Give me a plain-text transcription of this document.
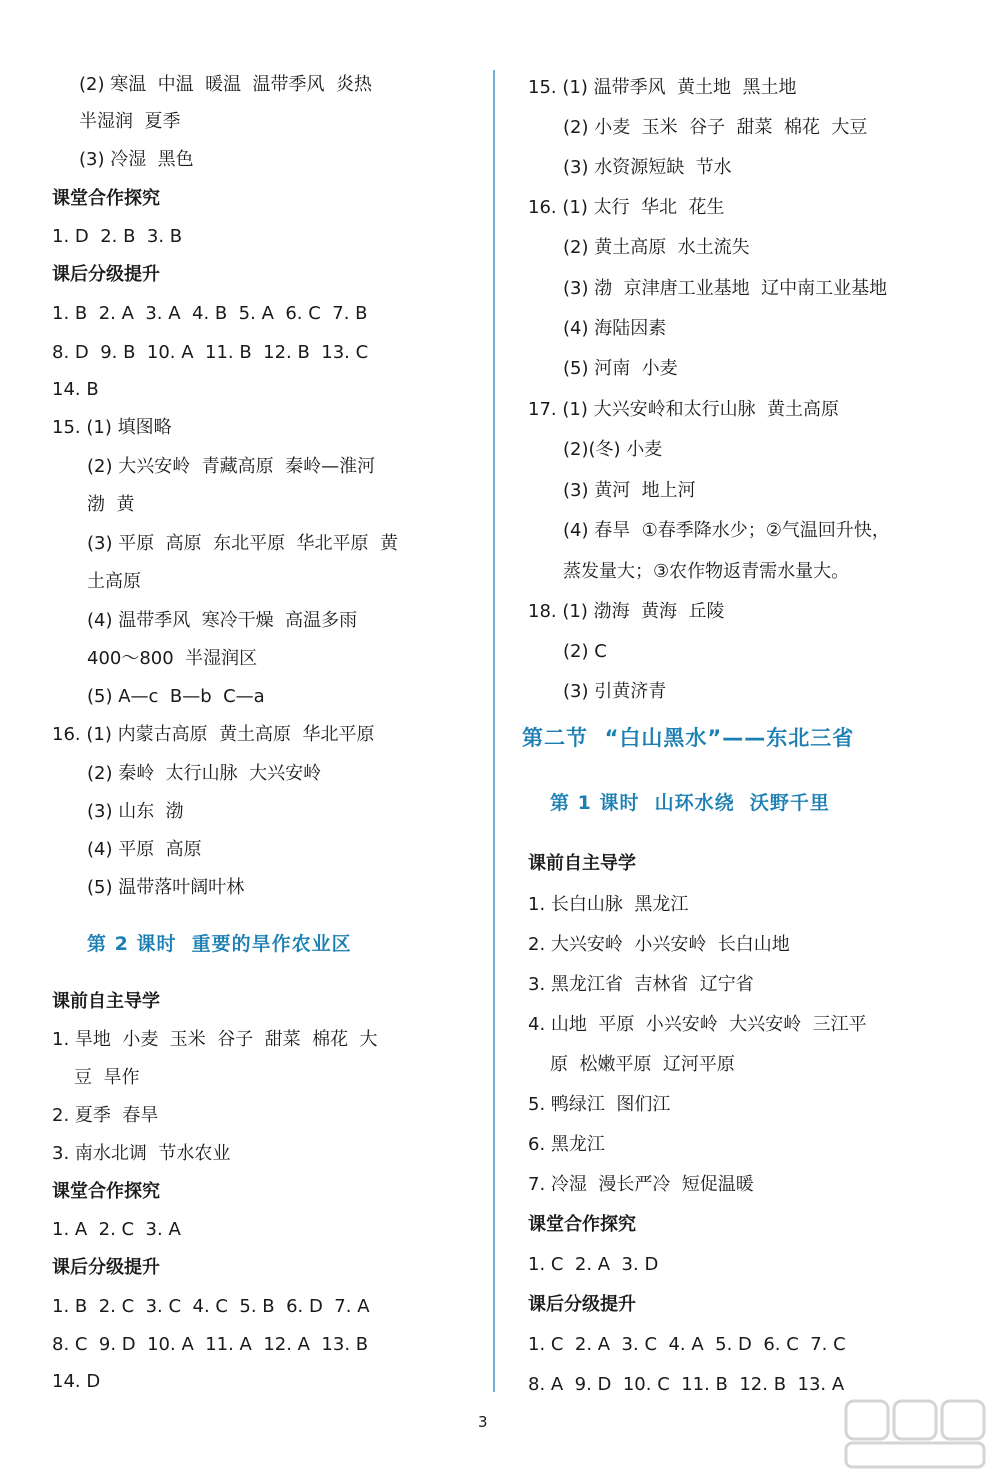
第 2 课时  重要的旱作农业区
(2) 寒温  中温  暖温  温带季风  炎热
半湿润  夏季
(3) 冷湿  黑色
课堂合作探究
1. D  2. B  3. B
课后分级提升
1. B  2. A  3. A  4. B  5. A  6. C  7. B
8. D  9. B  10. A  11. B  12. B  13. C
14. B
15. (1) 填图略
(2) 大兴安岭  青藏高原  秦岭—淮河
渤  黄
(3) 平原  高原  东北平原  华北平原  黄
土高原
(4) 温带季风  寒冷干燥  高温多雨
400～800  半湿润区
(5) A—c  B—b  C—a
16. (1) 内蒙古高原  黄土高原  华北平原
(2) 秦岭  太行山脉  大兴安岭
(3) 山东  渤
(4) 平原  高原
(5) 温带落叶阔叶林
课前自主导学
1. 旱地  小麦  玉米  谷子  甜菜  棉花  大
豆  旱作
2. 夏季  春旱
3. 南水北调  节水农业
课堂合作探究
1. A  2. C  3. A
课后分级提升
1. B  2. C  3. C  4. C  5. B  6. D  7. A
8. C  9. D  10. A  11. A  12. A  13. B
14. D
第二节  “白山黑水”——东北三省
第 1 课时  山环水绕  沃野千里
15. (1) 温带季风  黄土地  黑土地
(2) 小麦  玉米  谷子  甜菜  棉花  大豆
(3) 水资源短缺  节水
16. (1) 太行  华北  花生
(2) 黄土高原  水土流失
(3) 渤  京津唐工业基地  辽中南工业基地
(4) 海陆因素
(5) 河南  小麦
17. (1) 大兴安岭和太行山脉  黄土高原
(2)(冬) 小麦
(3) 黄河  地上河
(4) 春旱  ①春季降水少；②气温回升快，
蒸发量大；③农作物返青需水量大。
18. (1) 渤海  黄海  丘陵
(2) C
(3) 引黄济青
课前自主导学
1. 长白山脉  黑龙江
2. 大兴安岭  小兴安岭  长白山地
3. 黑龙江省  吉林省  辽宁省
4. 山地  平原  小兴安岭  大兴安岭  三江平
原  松嫩平原  辽河平原
5. 鸭绿江  图们江
6. 黑龙江
7. 冷湿  漫长严冷  短促温暖
课堂合作探究
1. C  2. A  3. D
课后分级提升
1. C  2. A  3. C  4. A  5. D  6. C  7. C
8. A  9. D  10. C  11. B  12. B  13. A
3
